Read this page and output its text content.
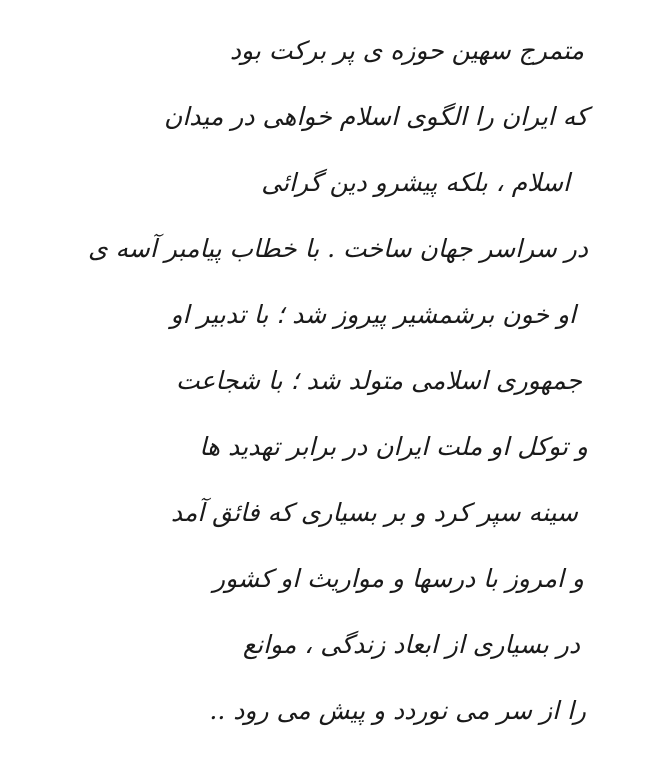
متمرج سهین حوزه ی پر برکت بود
که ایران را الگوی اسلام خواهی در میدان
اسلام ، بلکه پیشرو دین گرائی
در سراسر جهان ساخت . با خطاب پیامبر آسه ی
او خون برشمشیر پیروز شد ؛ با تدبیر او
جمهوری اسلامی متولد شد ؛ با شجاعت
و توکل او ملت ایران در برابر تهدید ها
سینه سپر کرد و بر بسیاری که فائق آمد
و امروز با درسها و مواریث او کشور
در بسیاری از ابعاد زندگی ، موانع
را از سر می نوردد و پیش می رود ..
